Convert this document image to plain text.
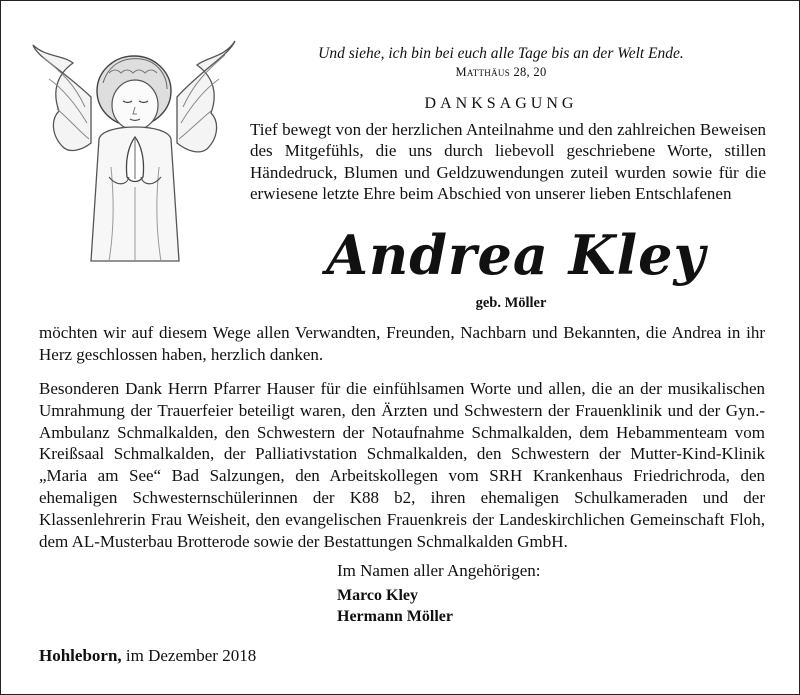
Und siehe, ich bin bei euch alle Tage bis an der Welt Ende.
Matthäus 28, 20
DANKSAGUNG

Tief bewegt von der herzlichen Anteilnahme und den zahlreichen Beweisen des Mitgefühls, die uns durch liebevoll geschriebene Worte, stillen Händedruck, Blumen und Geldzuwendungen zuteil wurden sowie für die erwiesene letzte Ehre beim Abschied von unserer lieben Entschlafenen

Andrea Kley
geb. Möller

möchten wir auf diesem Wege allen Verwandten, Freunden, Nachbarn und Bekannten, die Andrea in ihr Herz geschlossen haben, herzlich danken.

Besonderen Dank Herrn Pfarrer Hauser für die einfühlsamen Worte und allen, die an der musikalischen Umrahmung der Trauerfeier beteiligt waren, den Ärzten und Schwestern der Frauenklinik und der Gyn.-Ambulanz Schmalkalden, den Schwestern der Notaufnahme Schmalkalden, dem Hebammenteam vom Kreißsaal Schmalkalden, der Palliativstation Schmalkalden, den Schwestern der Mutter-Kind-Klinik „Maria am See“ Bad Salzungen, den Arbeitskollegen vom SRH Krankenhaus Friedrichroda, den ehemaligen Schwesternschülerinnen der K88 b2, ihren ehemaligen Schulkameraden und der Klassenlehrerin Frau Weisheit, den evangelischen Frauenkreis der Landeskirchlichen Gemeinschaft Floh, dem AL-Musterbau Brotterode sowie der Bestattungen Schmalkalden GmbH.

Im Namen aller Angehörigen:
Marco Kley
Hermann Möller
Hohleborn, im Dezember 2018
